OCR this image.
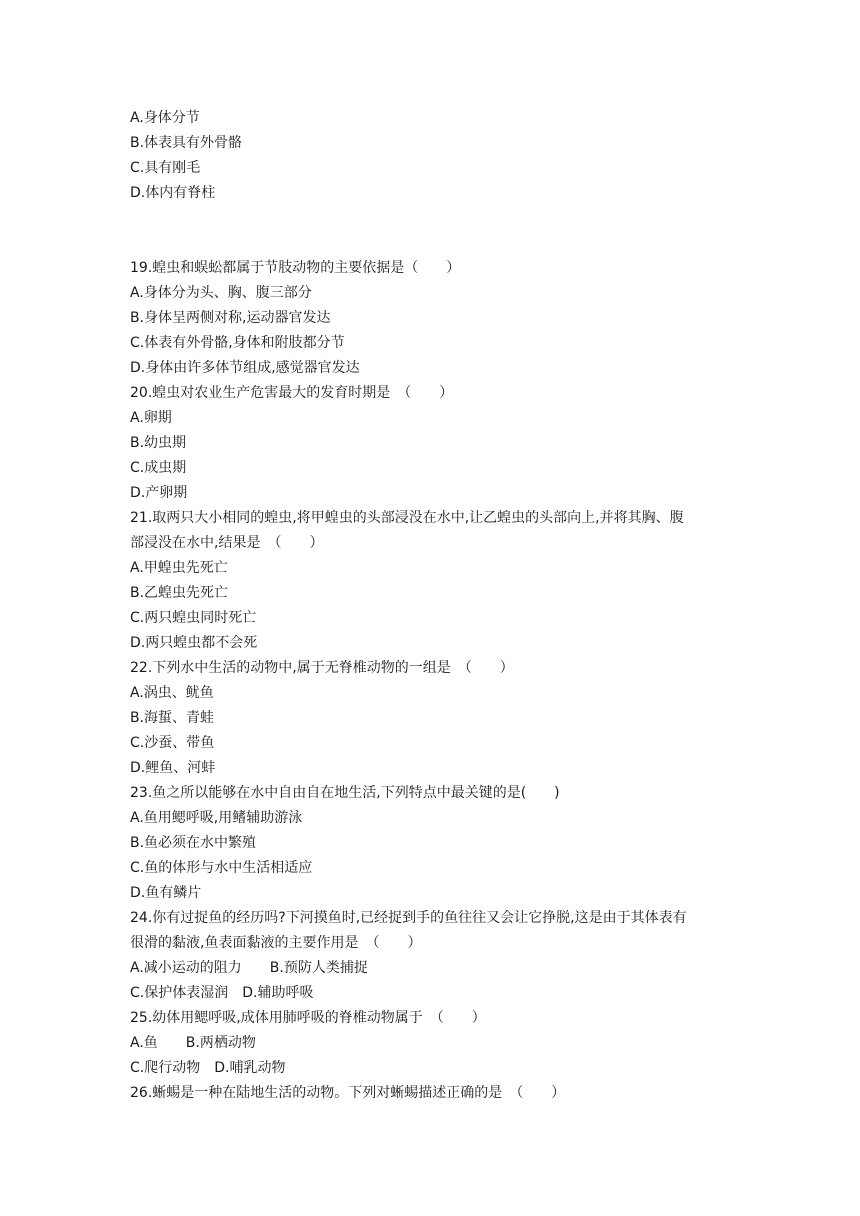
A.身体分节
B.体表具有外骨骼
C.具有刚毛
D.体内有脊柱
19.蝗虫和蜈蚣都属于节肢动物的主要依据是（　　）
A.身体分为头、胸、腹三部分
B.身体呈两侧对称,运动器官发达
C.体表有外骨骼,身体和附肢都分节
D.身体由许多体节组成,感觉器官发达
20.蝗虫对农业生产危害最大的发育时期是　（　　）
A.卵期
B.幼虫期
C.成虫期
D.产卵期
21.取两只大小相同的蝗虫,将甲蝗虫的头部浸没在水中,让乙蝗虫的头部向上,并将其胸、腹
部浸没在水中,结果是　（　　）
A.甲蝗虫先死亡
B.乙蝗虫先死亡
C.两只蝗虫同时死亡
D.两只蝗虫都不会死
22.下列水中生活的动物中,属于无脊椎动物的一组是　（　　）
A.涡虫、鱿鱼
B.海蜇、青蛙
C.沙蚕、带鱼
D.鲤鱼、河蚌
23.鱼之所以能够在水中自由自在地生活,下列特点中最关键的是(　　)
A.鱼用鳃呼吸,用鳍辅助游泳
B.鱼必须在水中繁殖
C.鱼的体形与水中生活相适应
D.鱼有鳞片
24.你有过捉鱼的经历吗?下河摸鱼时,已经捉到手的鱼往往又会让它挣脱,这是由于其体表有
很滑的黏液,鱼表面黏液的主要作用是　（　　）
A.减小运动的阻力　　B.预防人类捕捉
C.保护体表湿润　D.辅助呼吸
25.幼体用鳃呼吸,成体用肺呼吸的脊椎动物属于　（　　）
A.鱼　　B.两栖动物
C.爬行动物　D.哺乳动物
26.蜥蜴是一种在陆地生活的动物。下列对蜥蜴描述正确的是　（　　）
